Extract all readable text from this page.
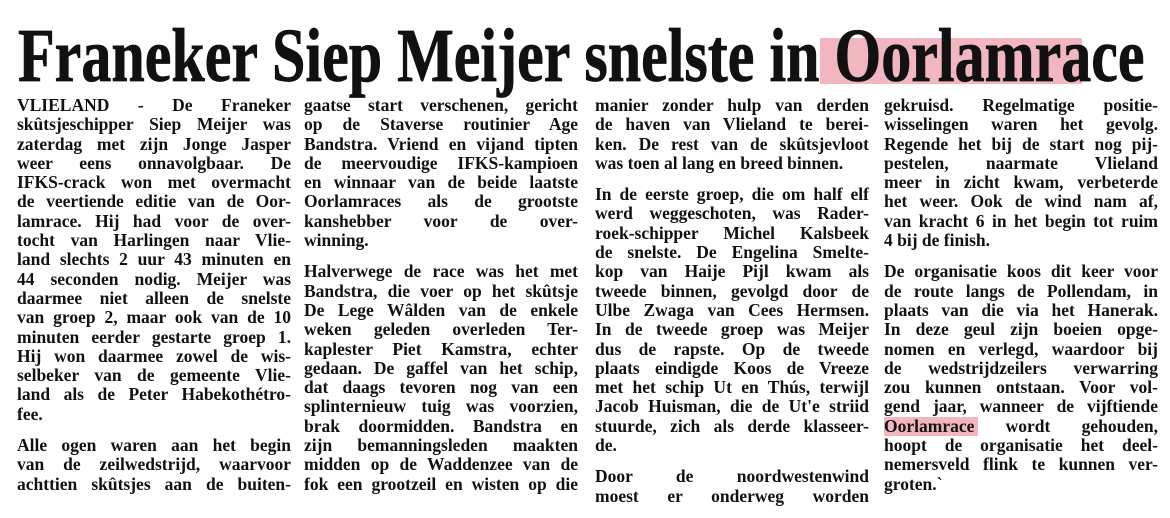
Franeker Siep Meijer snelste in Oorlamrace
VLIELAND - De Franeker
skûtsjeschipper Siep Meijer was
zaterdag met zijn Jonge Jasper
weer eens onnavolgbaar. De
IFKS-crack won met overmacht
de veertiende editie van de Oor-
lamrace. Hij had voor de over-
tocht van Harlingen naar Vlie-
land slechts 2 uur 43 minuten en
44 seconden nodig. Meijer was
daarmee niet alleen de snelste
van groep 2, maar ook van de 10
minuten eerder gestarte groep 1.
Hij won daarmee zowel de wis-
selbeker van de gemeente Vlie-
land als de Peter Habekothétro-
fee.
Alle ogen waren aan het begin
van de zeilwedstrijd, waarvoor
achttien skûtsjes aan de buiten-
gaatse start verschenen, gericht
op de Staverse routinier Age
Bandstra. Vriend en vijand tipten
de meervoudige IFKS-kampioen
en winnaar van de beide laatste
Oorlamraces als de grootste
kanshebber voor de over-
winning.
Halverwege de race was het met
Bandstra, die voer op het skûtsje
De Lege Wâlden van de enkele
weken geleden overleden Ter-
kaplester Piet Kamstra, echter
gedaan. De gaffel van het schip,
dat daags tevoren nog van een
splinternieuw tuig was voorzien,
brak doormidden. Bandstra en
zijn bemanningsleden maakten
midden op de Waddenzee van de
fok een grootzeil en wisten op die
manier zonder hulp van derden
de haven van Vlieland te berei-
ken. De rest van de skûtsjevloot
was toen al lang en breed binnen.
In de eerste groep, die om half elf
werd weggeschoten, was Rader-
roek-schipper Michel Kalsbeek
de snelste. De Engelina Smelte-
kop van Haije Pijl kwam als
tweede binnen, gevolgd door de
Ulbe Zwaga van Cees Hermsen.
In de tweede groep was Meijer
dus de rapste. Op de tweede
plaats eindigde Koos de Vreeze
met het schip Ut en Thús, terwijl
Jacob Huisman, die de Ut'e striid
stuurde, zich als derde klasseer-
de.
Door de noordwestenwind
moest er onderweg worden
gekruisd. Regelmatige positie-
wisselingen waren het gevolg.
Regende het bij de start nog pij-
pestelen, naarmate Vlieland
meer in zicht kwam, verbeterde
het weer. Ook de wind nam af,
van kracht 6 in het begin tot ruim
4 bij de finish.
De organisatie koos dit keer voor
de route langs de Pollendam, in
plaats van die via het Hanerak.
In deze geul zijn boeien opge-
nomen en verlegd, waardoor bij
de wedstrijdzeilers verwarring
zou kunnen ontstaan. Voor vol-
gend jaar, wanneer de vijftiende
Oorlamrace wordt gehouden,
hoopt de organisatie het deel-
nemersveld flink te kunnen ver-
groten.`
